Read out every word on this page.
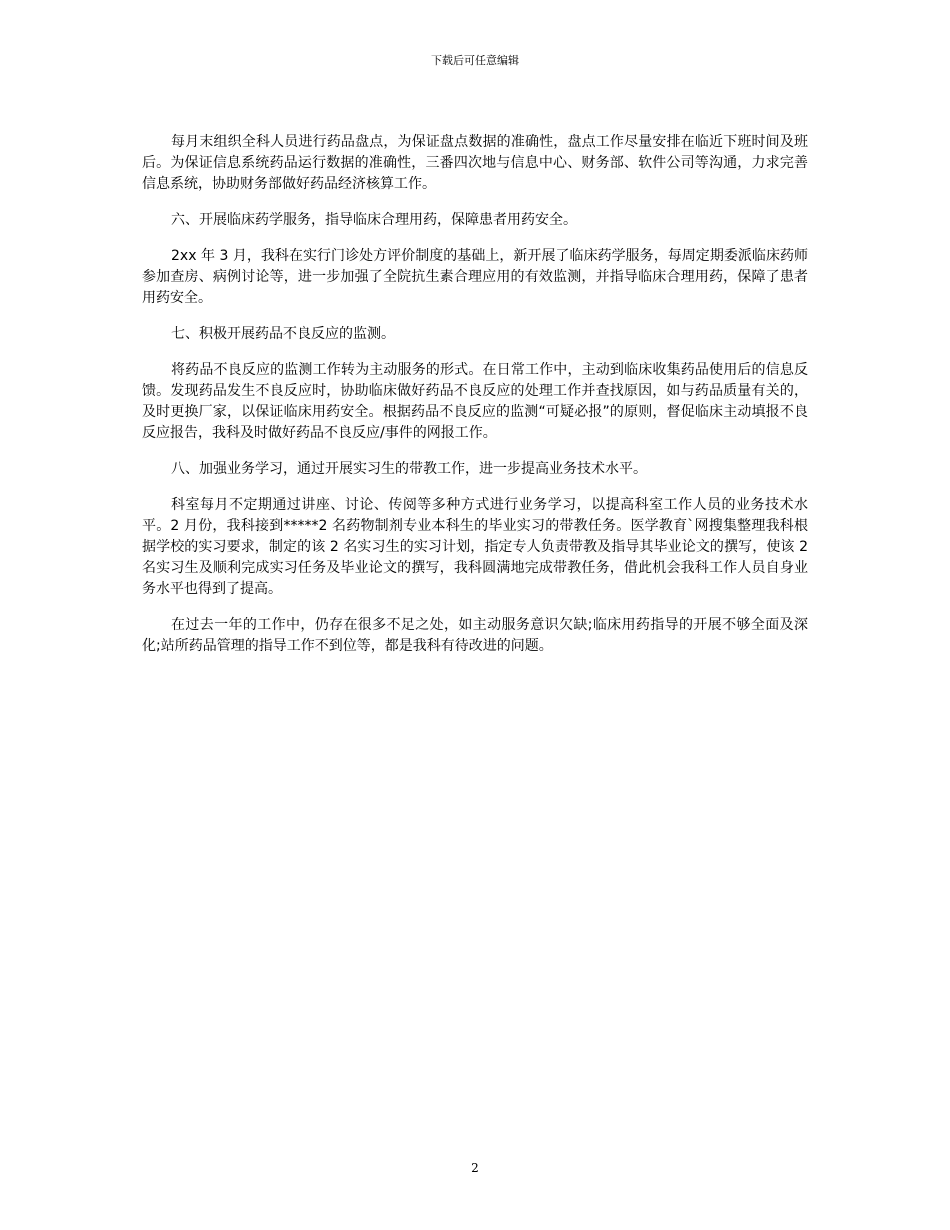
下载后可任意编辑

每月末组织全科人员进行药品盘点，为保证盘点数据的准确性，盘点工作尽量安排在临近下班时间及班后。为保证信息系统药品运行数据的准确性，三番四次地与信息中心、财务部、软件公司等沟通，力求完善信息系统，协助财务部做好药品经济核算工作。

六、开展临床药学服务，指导临床合理用药，保障患者用药安全。

2xx 年 3 月，我科在实行门诊处方评价制度的基础上，新开展了临床药学服务，每周定期委派临床药师参加查房、病例讨论等，进一步加强了全院抗生素合理应用的有效监测，并指导临床合理用药，保障了患者用药安全。

七、积极开展药品不良反应的监测。

将药品不良反应的监测工作转为主动服务的形式。在日常工作中，主动到临床收集药品使用后的信息反馈。发现药品发生不良反应时，协助临床做好药品不良反应的处理工作并查找原因，如与药品质量有关的，及时更换厂家，以保证临床用药安全。根据药品不良反应的监测“可疑必报”的原则，督促临床主动填报不良反应报告，我科及时做好药品不良反应/事件的网报工作。

八、加强业务学习，通过开展实习生的带教工作，进一步提高业务技术水平。

科室每月不定期通过讲座、讨论、传阅等多种方式进行业务学习，以提高科室工作人员的业务技术水平。2 月份，我科接到*****2 名药物制剂专业本科生的毕业实习的带教任务。医学教育`网搜集整理我科根据学校的实习要求，制定的该 2 名实习生的实习计划，指定专人负责带教及指导其毕业论文的撰写，使该 2 名实习生及顺利完成实习任务及毕业论文的撰写，我科圆满地完成带教任务，借此机会我科工作人员自身业务水平也得到了提高。

在过去一年的工作中，仍存在很多不足之处，如主动服务意识欠缺;临床用药指导的开展不够全面及深化;站所药品管理的指导工作不到位等，都是我科有待改进的问题。

2
